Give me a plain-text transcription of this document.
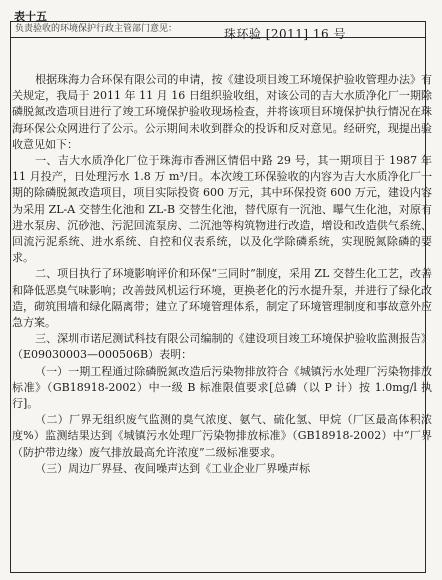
表十五
负责验收的环境保护行政主管部门意见：	珠环验 [2011] 16 号

根据珠海力合环保有限公司的申请，按《建设项目竣工环境保护验收管理办法》有关规定，我局于 2011 年 11 月 16 日组织验收组，对该公司的吉大水质净化厂一期除磷脱氮改造项目进行了竣工环境保护验收现场检查，并将该项目环境保护执行情况在珠海环保公众网进行了公示。公示期间未收到群众的投诉和反对意见。经研究，现提出验收意见如下：

一、吉大水质净化厂位于珠海市香洲区情侣中路 29 号，其一期项目于 1987 年 11 月投产，日处理污水 1.8 万 m³/日。本次竣工环保验收的内容为吉大水质净化厂一期的除磷脱氮改造项目，项目实际投资 600 万元，其中环保投资 600 万元，建设内容为采用 ZL-A 交替生化池和 ZL-B 交替生化池，替代原有一沉池、曝气生化池，对原有进水泵房、沉砂池、污泥回流泵房、二沉池等构筑物进行改造，增设和改造供气系统、回流污泥系统、进水系统、自控和仪表系统，以及化学除磷系统，实现脱氮除磷的要求。

二、项目执行了环境影响评价和环保“三同时”制度，采用 ZL 交替生化工艺，改善和降低恶臭气味影响；改善鼓风机运行环境，更换老化的污水提升泵，并进行了绿化改造，砌筑围墙和绿化隔离带；建立了环境管理体系，制定了环境管理制度和事故意外应急方案。

三、深圳市诺尼测试科技有限公司编制的《建设项目竣工环境保护验收监测报告》（E09030003—000506B）表明：

（一）一期工程通过除磷脱氮改造后污染物排放符合《城镇污水处理厂污染物排放标准》（GB18918-2002）中一级 B 标准限值要求[总磷（以 P 计）按 1.0mg/l 执行]。

（二）厂界无组织废气监测的臭气浓度、氨气、硫化氢、甲烷（厂区最高体积浓度%）监测结果达到《城镇污水处理厂污染物排放标准》（GB18918-2002）中“厂界（防护带边缘）废气排放最高允许浓度”二级标准要求。

（三）周边厂界昼、夜间噪声达到《工业企业厂界噪声标
